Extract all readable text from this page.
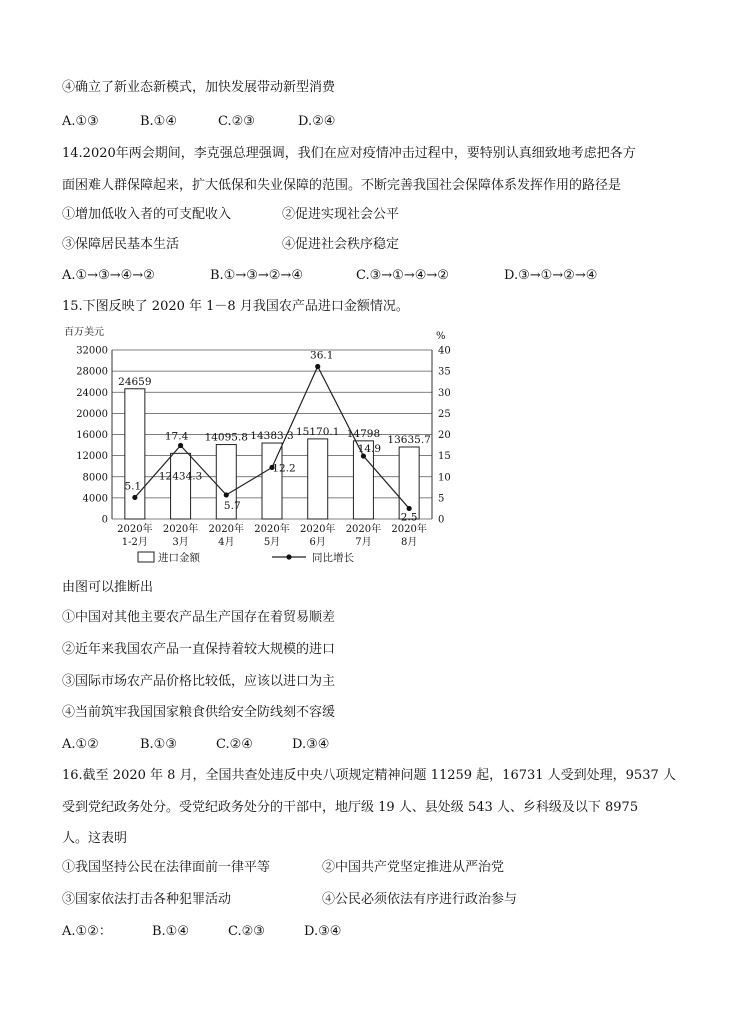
④确立了新业态新模式，加快发展带动新型消费
A.①③	B.①④	C.②③	D.②④
14.2020年两会期间，李克强总理强调，我们在应对疫情冲击过程中，要特别认真细致地考虑把各方
面困难人群保障起来，扩大低保和失业保障的范围。不断完善我国社会保障体系发挥作用的路径是
①增加低收入者的可支配收入	②促进实现社会公平
③保障居民基本生活	④促进社会秩序稳定
A.①→③→④→②	B.①→③→②→④	C.③→①→④→②	D.③→①→②→④
15.下图反映了 2020 年 1－8 月我国农产品进口金额情况。
百万美元	%
0
4000
8000
12000
16000
20000
24000
28000
32000
0
5
10
15
20
25
30
35
40
24659
12434.3
14095.8 14383.3 15170.1 14798
13635.7
5.1
17.4
5.7
12.2
36.1
14.9
2.5
2020年
1-2月
2020年
3月
2020年
4月
2020年
5月
2020年
6月
2020年
7月
2020年
8月
进口金额	同比增长
由图可以推断出
①中国对其他主要农产品生产国存在着贸易顺差
②近年来我国农产品一直保持着较大规模的进口
③国际市场农产品价格比较低，应该以进口为主
④当前筑牢我国国家粮食供给安全防线刻不容缓
A.①②	B.①③	C.②④	D.③④
16.截至 2020 年 8 月，全国共查处违反中央八项规定精神问题 11259 起，16731 人受到处理，9537 人
受到党纪政务处分。受党纪政务处分的干部中，地厅级 19 人、县处级 543 人、乡科级及以下 8975
人。这表明
①我国坚持公民在法律面前一律平等	②中国共产党坚定推进从严治党
③国家依法打击各种犯罪活动	④公民必须依法有序进行政治参与
A.①②：	B.①④	C.②③	D.③④
